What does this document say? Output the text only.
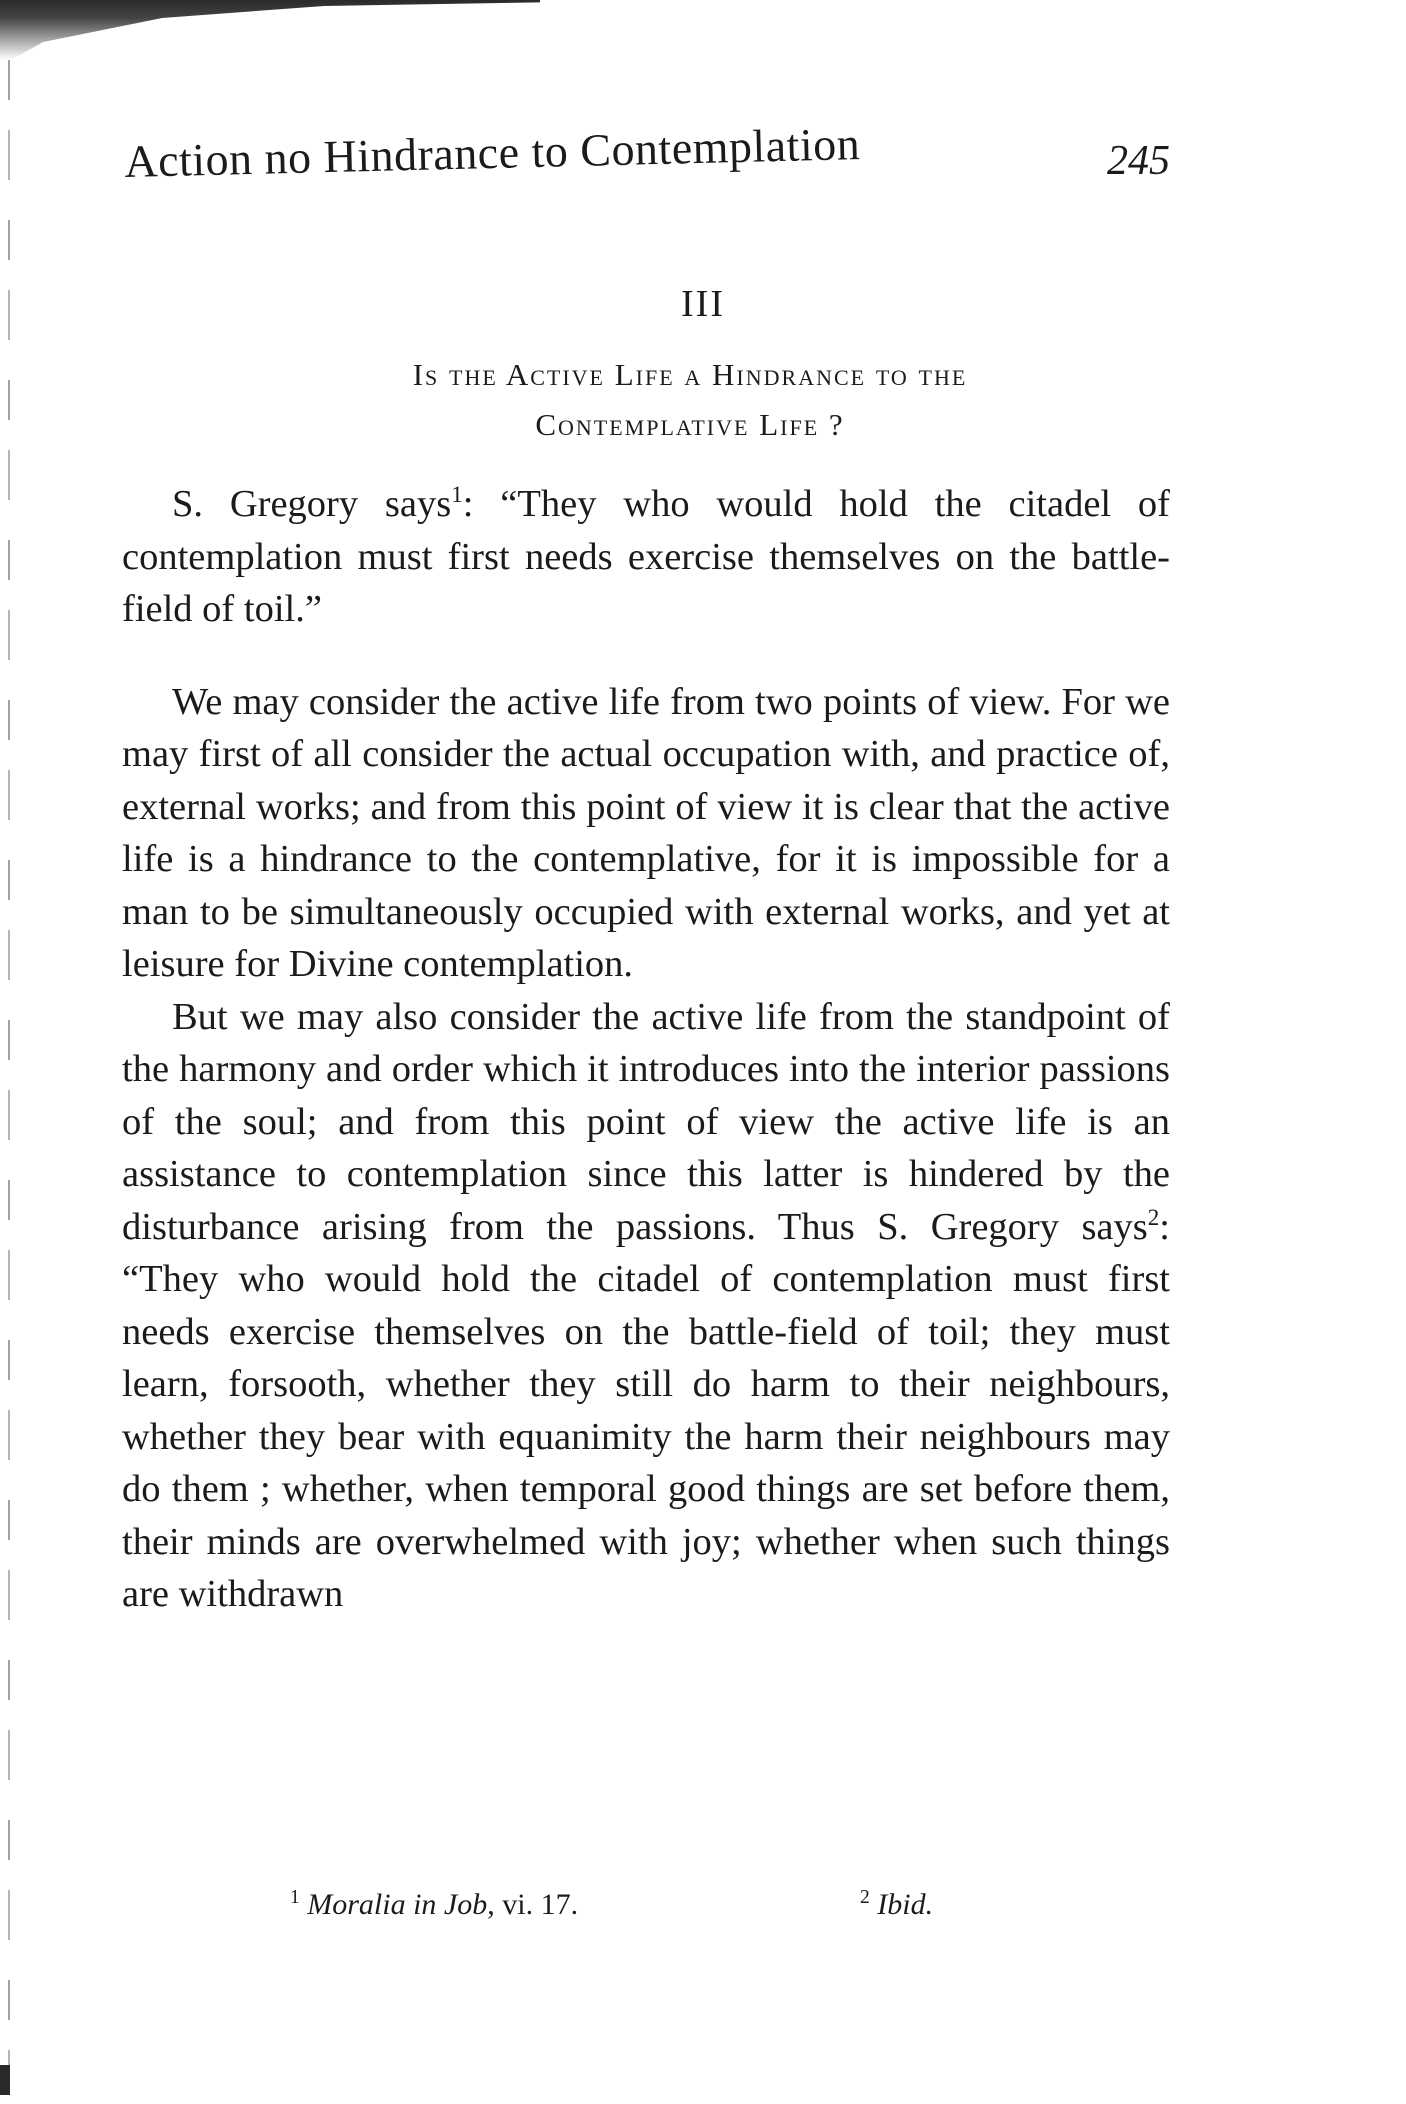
Action no Hindrance to Contemplation	245
III
Is the Active Life a Hindrance to the
Contemplative Life ?

S. Gregory says$^1$: “They who would hold the citadel of contemplation must first needs exercise themselves on the battle-field of toil.”

We may consider the active life from two points of view. For we may first of all consider the actual occupation with, and practice of, external works; and from this point of view it is clear that the active life is a hindrance to the contemplative, for it is impossible for a man to be simultaneously occupied with external works, and yet at leisure for Divine contemplation.

But we may also consider the active life from the standpoint of the harmony and order which it introduces into the interior passions of the soul; and from this point of view the active life is an assistance to contemplation since this latter is hindered by the disturbance arising from the passions. Thus S. Gregory says$^2$: “They who would hold the citadel of contemplation must first needs exercise themselves on the battle-field of toil; they must learn, forsooth, whether they still do harm to their neighbours, whether they bear with equanimity the harm their neighbours may do them ; whether, when temporal good things are set before them, their minds are overwhelmed with joy; whether when such things are withdrawn

$^1$ Moralia in Job, vi. 17.	$^2$ Ibid.
